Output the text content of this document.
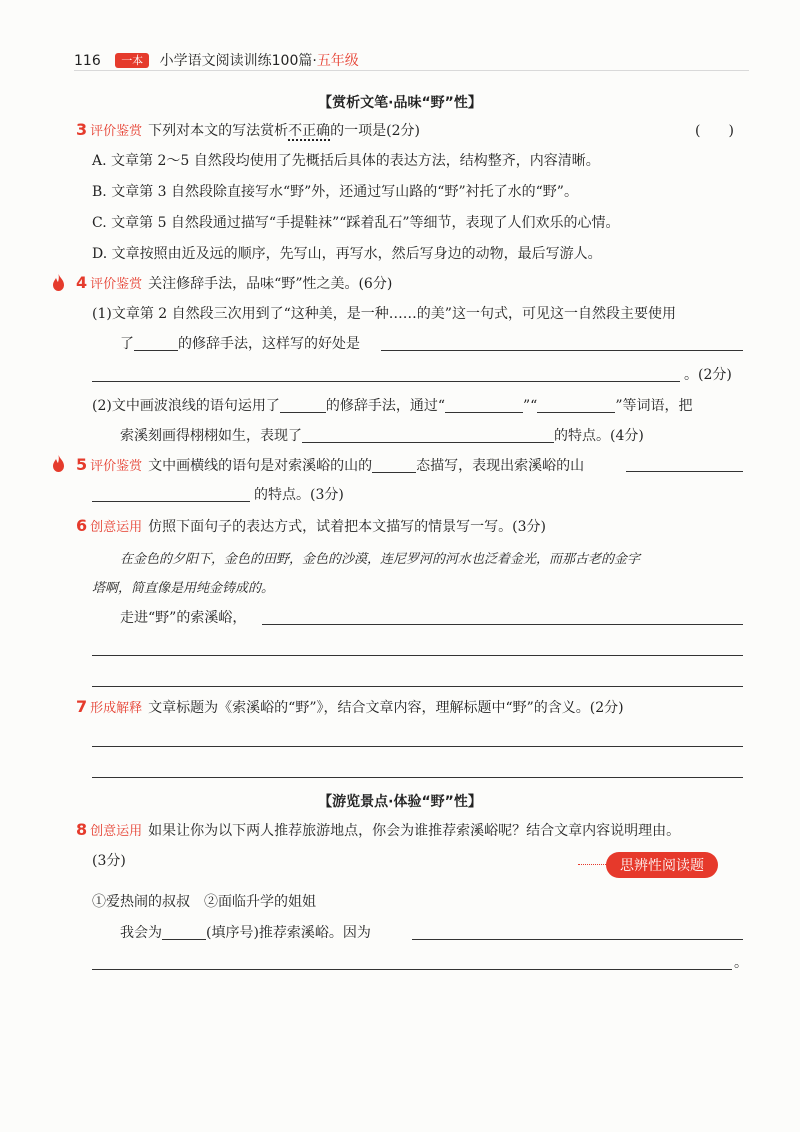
116 一本 小学语文阅读训练100篇·五年级
【赏析文笔·品味“野”性】
3 评价鉴赏 下列对本文的写法赏析不正确的一项是(2分)	(　　)
A. 文章第 2～5 自然段均使用了先概括后具体的表达方法，结构整齐，内容清晰。
B. 文章第 3 自然段除直接写水“野”外，还通过写山路的“野”衬托了水的“野”。
C. 文章第 5 自然段通过描写“手提鞋袜”“踩着乱石”等细节，表现了人们欢乐的心情。
D. 文章按照由近及远的顺序，先写山，再写水，然后写身边的动物，最后写游人。
4 评价鉴赏 关注修辞手法，品味“野”性之美。(6分)
(1)文章第 2 自然段三次用到了“这种美，是一种……的美”这一句式，可见这一自然段主要使用
了	的修辞手法，这样写的好处是
。(2分)
(2)文中画波浪线的语句运用了	的修辞手法，通过“	”“	”等词语，把
索溪刻画得栩栩如生，表现了	的特点。(4分)
5 评价鉴赏 文中画横线的语句是对索溪峪的山的	态描写，表现出索溪峪的山
的特点。(3分)
6 创意运用 仿照下面句子的表达方式，试着把本文描写的情景写一写。(3分)
在金色的夕阳下，金色的田野，金色的沙漠，连尼罗河的河水也泛着金光，而那古老的金字
塔啊，简直像是用纯金铸成的。
走进“野”的索溪峪，
7 形成解释 文章标题为《索溪峪的“野”》，结合文章内容，理解标题中“野”的含义。(2分)
【游览景点·体验“野”性】
8 创意运用 如果让你为以下两人推荐旅游地点，你会为谁推荐索溪峪呢？结合文章内容说明理由。
(3分)	思辨性阅读题
①爱热闹的叔叔　②面临升学的姐姐
我会为	(填序号)推荐索溪峪。因为
。
